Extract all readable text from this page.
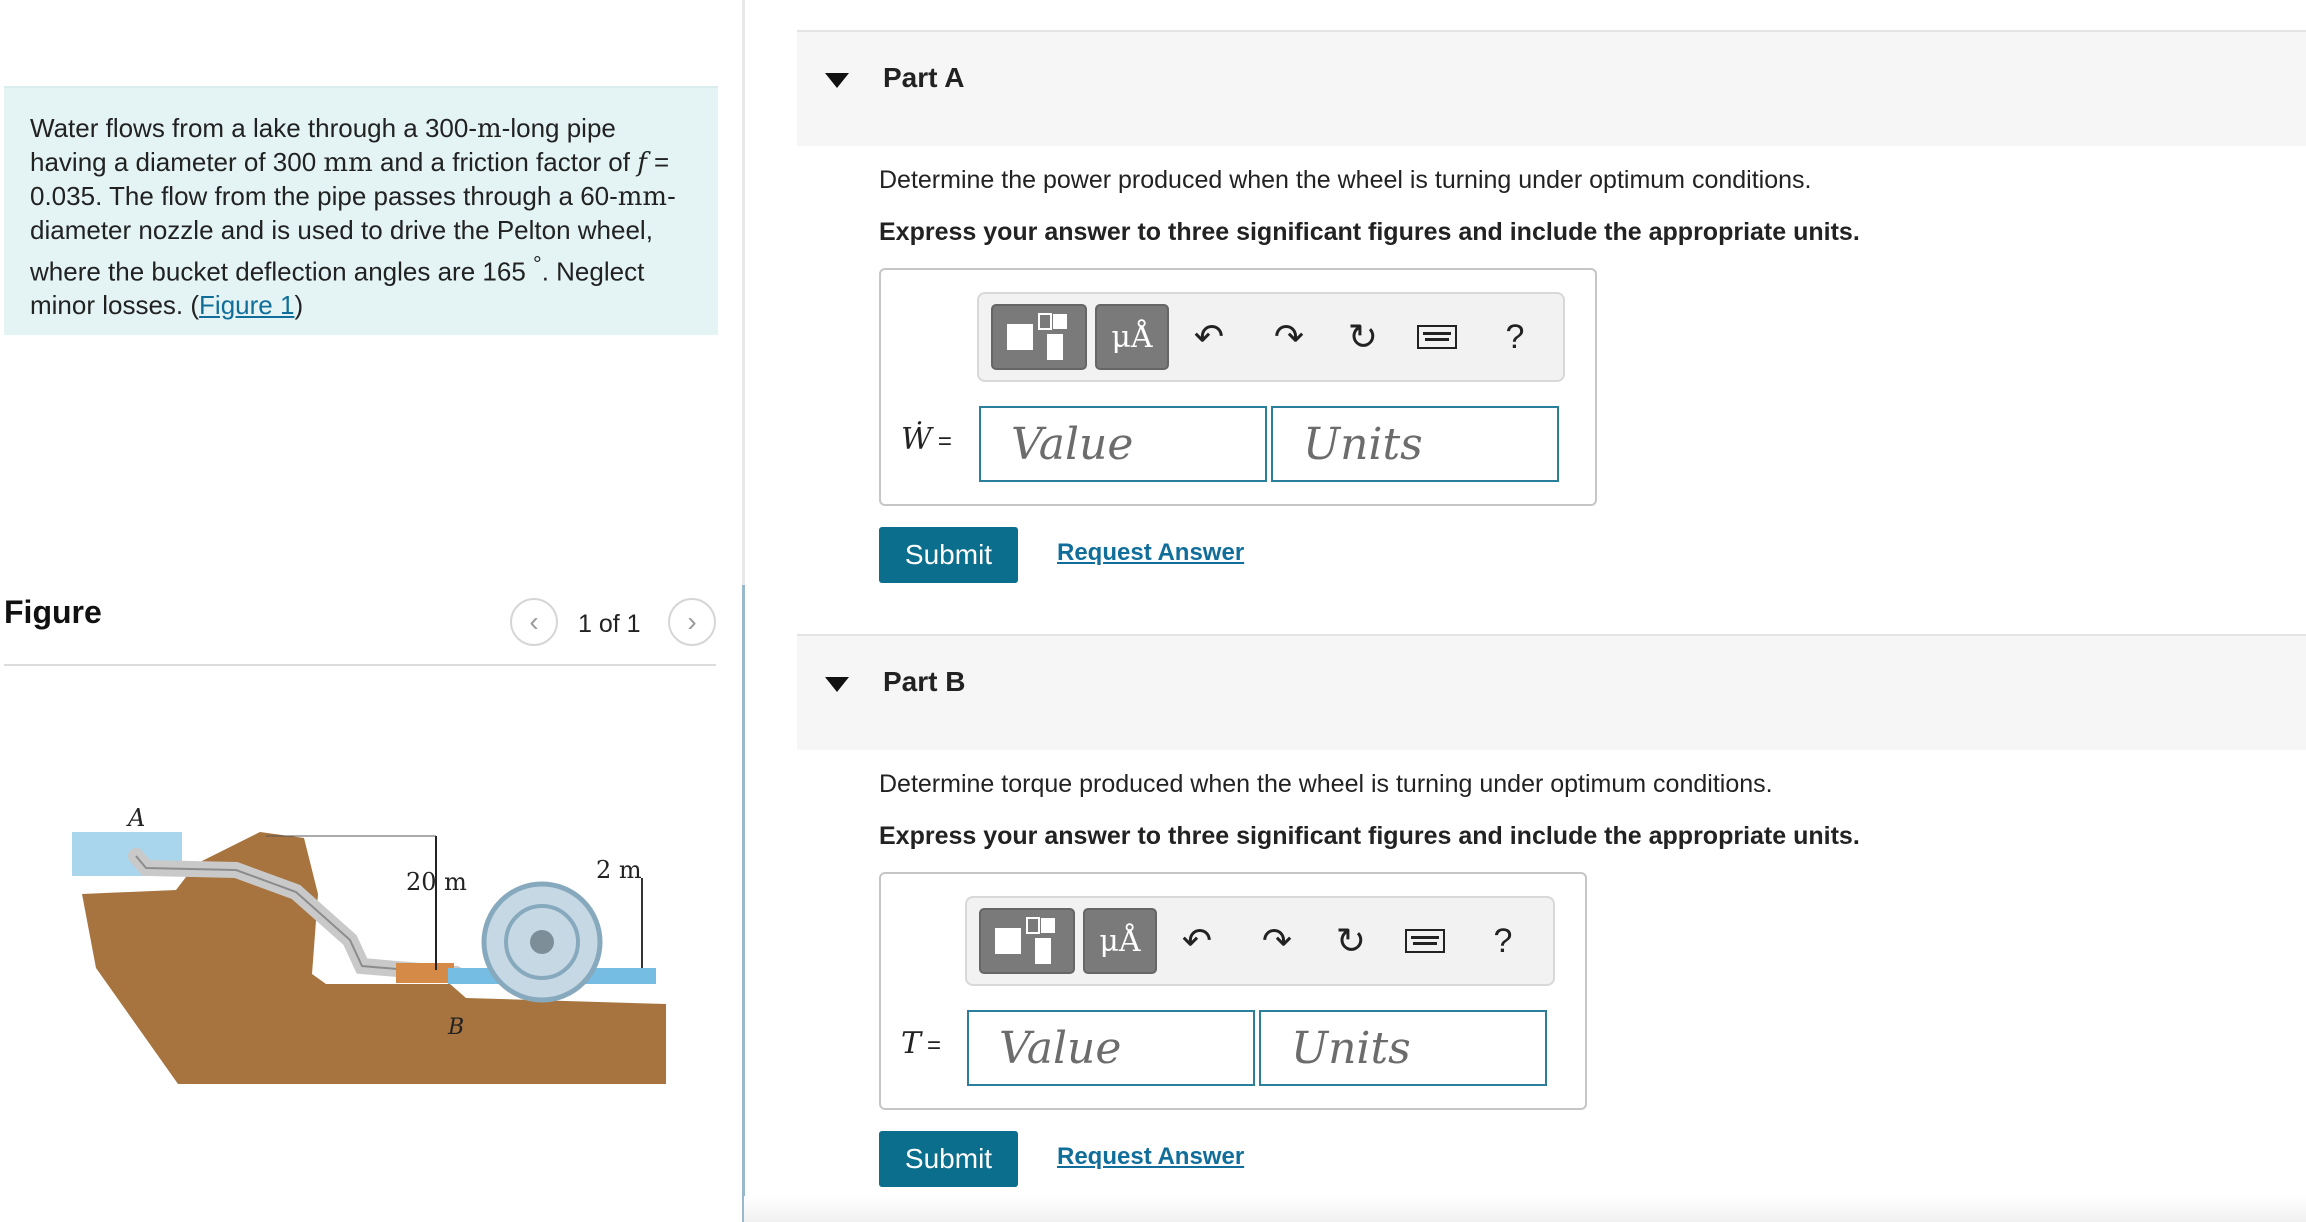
Water flows from a lake through a 300-m-long pipe having a diameter of 300 mm and a friction factor of f = 0.035. The flow from the pipe passes through a 60-mm-diameter nozzle and is used to drive the Pelton wheel, where the bucket deflection angles are 165 °. Neglect minor losses. (Figure 1)
Figure	‹ 1 of 1 ›
A
20 m	2 m
B
Part A
Determine the power produced when the wheel is turning under optimum conditions.
Express your answer to three significant figures and include the appropriate units.
μÅ ↶ ↷ ↻	?
Ẇ =
Value
Units
Submit	Request Answer
Part B
Determine torque produced when the wheel is turning under optimum conditions.
Express your answer to three significant figures and include the appropriate units.
μÅ ↶ ↷ ↻	?
T =
Value
Units
Submit	Request Answer
